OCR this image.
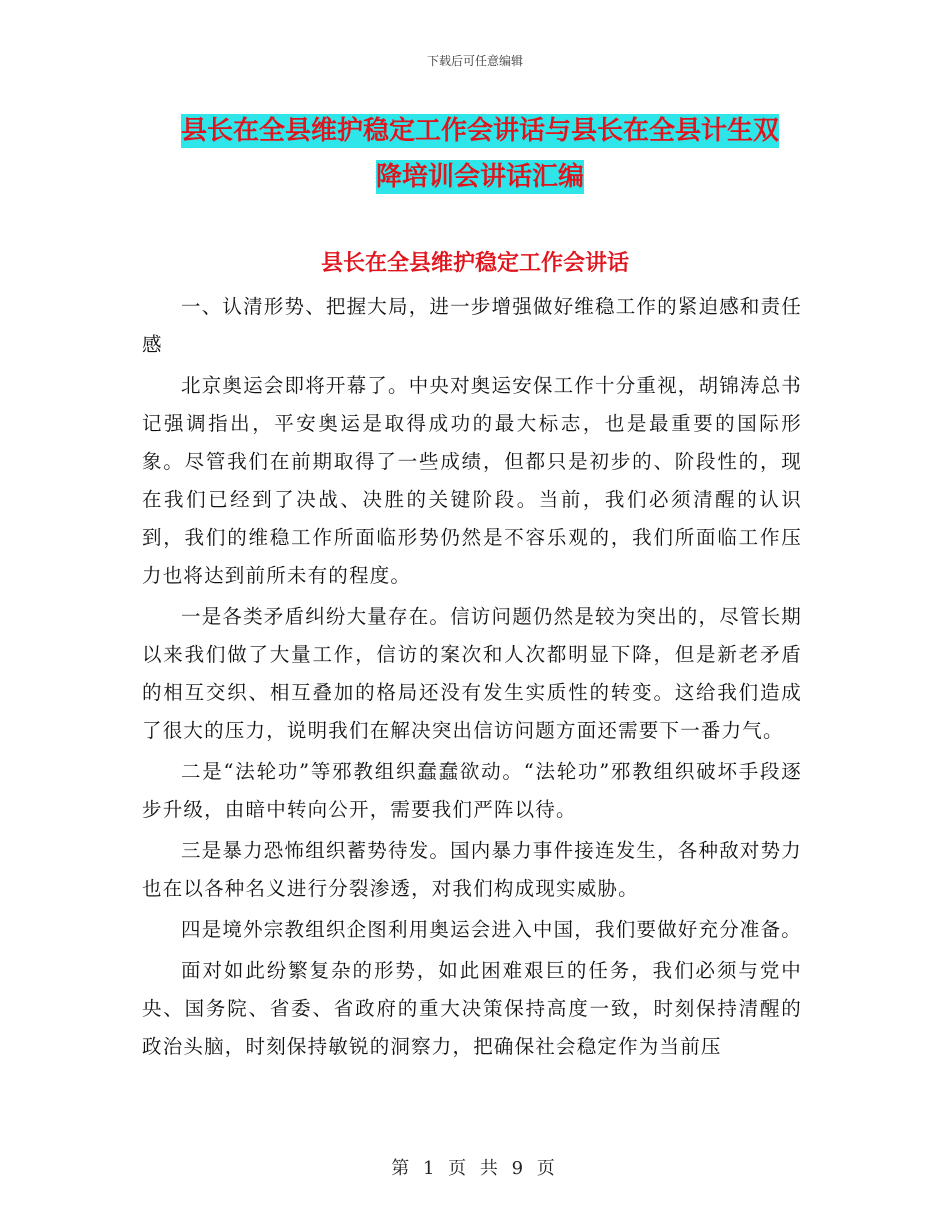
下载后可任意编辑
县长在全县维护稳定工作会讲话与县长在全县计生双
降培训会讲话汇编
县长在全县维护稳定工作会讲话

一、认清形势、把握大局，进一步增强做好维稳工作的紧迫感和责任感

北京奥运会即将开幕了。中央对奥运安保工作十分重视，胡锦涛总书记强调指出，平安奥运是取得成功的最大标志，也是最重要的国际形象。尽管我们在前期取得了一些成绩，但都只是初步的、阶段性的，现在我们已经到了决战、决胜的关键阶段。当前，我们必须清醒的认识到，我们的维稳工作所面临形势仍然是不容乐观的，我们所面临工作压力也将达到前所未有的程度。

一是各类矛盾纠纷大量存在。信访问题仍然是较为突出的，尽管长期以来我们做了大量工作，信访的案次和人次都明显下降，但是新老矛盾的相互交织、相互叠加的格局还没有发生实质性的转变。这给我们造成了很大的压力，说明我们在解决突出信访问题方面还需要下一番力气。

二是“法轮功”等邪教组织蠢蠢欲动。“法轮功”邪教组织破坏手段逐步升级，由暗中转向公开，需要我们严阵以待。

三是暴力恐怖组织蓄势待发。国内暴力事件接连发生，各种敌对势力也在以各种名义进行分裂渗透，对我们构成现实威胁。

四是境外宗教组织企图利用奥运会进入中国，我们要做好充分准备。

面对如此纷繁复杂的形势，如此困难艰巨的任务，我们必须与党中央、国务院、省委、省政府的重大决策保持高度一致，时刻保持清醒的政治头脑，时刻保持敏锐的洞察力，把确保社会稳定作为当前压

第 1 页 共 9 页
